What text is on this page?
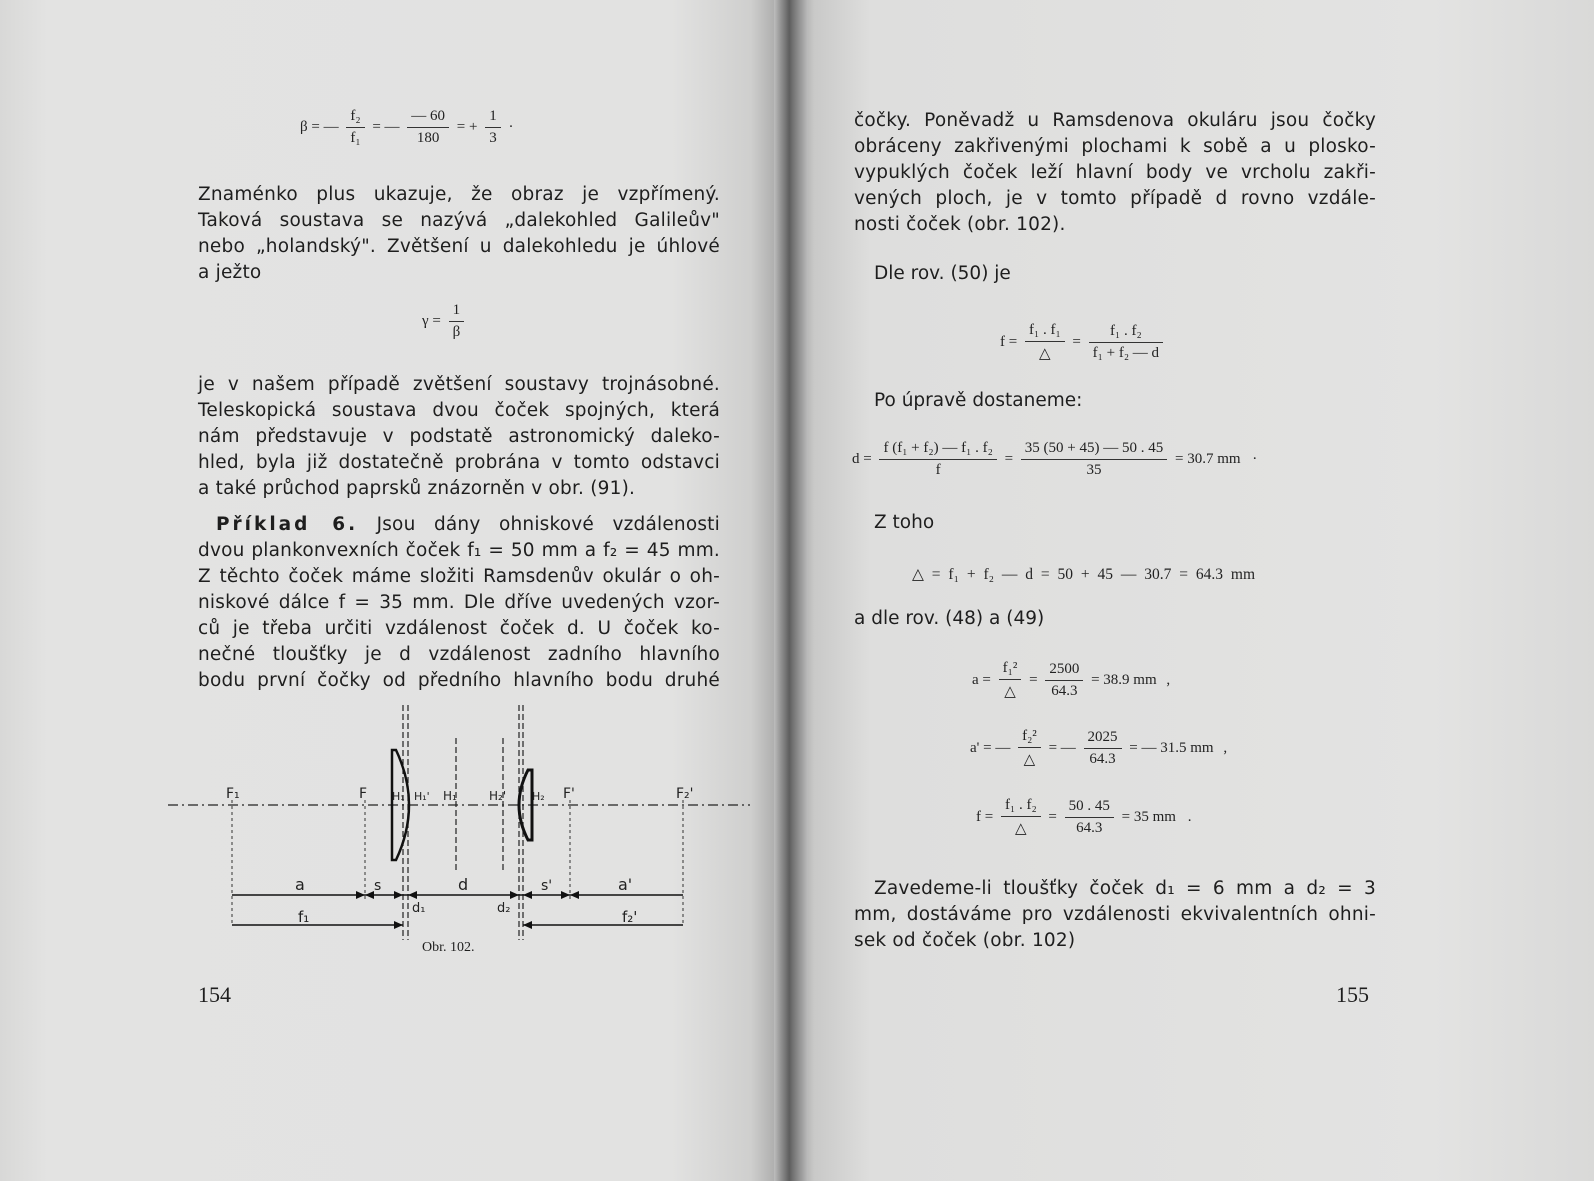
β = — $\frac{\text{f₂}}{\text{f₁}}$ = — $\frac{— 60}{180}$ = + $\frac{1}{3}$ ·
Znaménko plus ukazuje, že obraz je vzpřímený.
Taková soustava se nazývá „dalekohled Galileův"
nebo „holandský". Zvětšení u dalekohledu je úhlové
a ježto
$\gamma = \frac{1}{\beta}$
je v našem případě zvětšení soustavy trojnásobné.
Teleskopická soustava dvou čoček spojných, která
nám představuje v podstatě astronomický daleko-
hled, byla již dostatečně probrána v tomto odstavci
a také průchod paprsků znázorněn v obr. (91).
Příklad 6. Jsou dány ohniskové vzdálenosti
dvou plankonvexních čoček f₁ = 50 mm a f₂ = 45 mm.
Z těchto čoček máme složiti Ramsdenův okulár o oh-
niskové dálce f = 35 mm. Dle dříve uvedených vzor-
ců je třeba určiti vzdálenost čoček d. U čoček ko-
nečné tloušťky je d vzdálenost zadního hlavního
bodu první čočky od předního hlavního bodu druhé
F₁	F H₁ H₁' H₁	H₂' H₂ F'	F₂'
a	s	d	s'	a'
d₁	d₂
f₁	f₂'
Obr. 102.
154
čočky. Poněvadž u Ramsdenova okuláru jsou čočky
obráceny zakřivenými plochami k sobě a u plosko-
vypuklých čoček leží hlavní body ve vrcholu zakři-
vených ploch, je v tomto případě d rovno vzdále-
nosti čoček (obr. 102).
Dle rov. (50) je
$f = \frac{\text{f₁ . f₁}}{\triangle} = \frac{\text{f₁ . f₂}}{\text{f₁ + f₂ — d}}$
Po úpravě dostaneme:
$d = \frac{\text{f (f₁ + f₂) — f₁ . f₂}}{f} = \frac{35 (50 + 45) — 50 . 45}{35} = 30.7$ mm ·
Z toho
△ = f₁ + f₂ — d = 50 + 45 — 30.7 = 64.3 mm
a dle rov. (48) a (49)
$a = \frac{\text{f₁²}}{\triangle} = \frac{2500}{64.3} = 38.9$ mm ,
a' = — $\frac{\text{f₂²}}{\triangle}$ = — $\frac{2025}{64.3}$ = — 31.5 mm ,
$f = \frac{\text{f₁ . f₂}}{\triangle} = \frac{50 . 45}{64.3} = 35$ mm .
Zavedeme-li tloušťky čoček d₁ = 6 mm a d₂ = 3
mm, dostáváme pro vzdálenosti ekvivalentních ohni-
sek od čoček (obr. 102)
155
